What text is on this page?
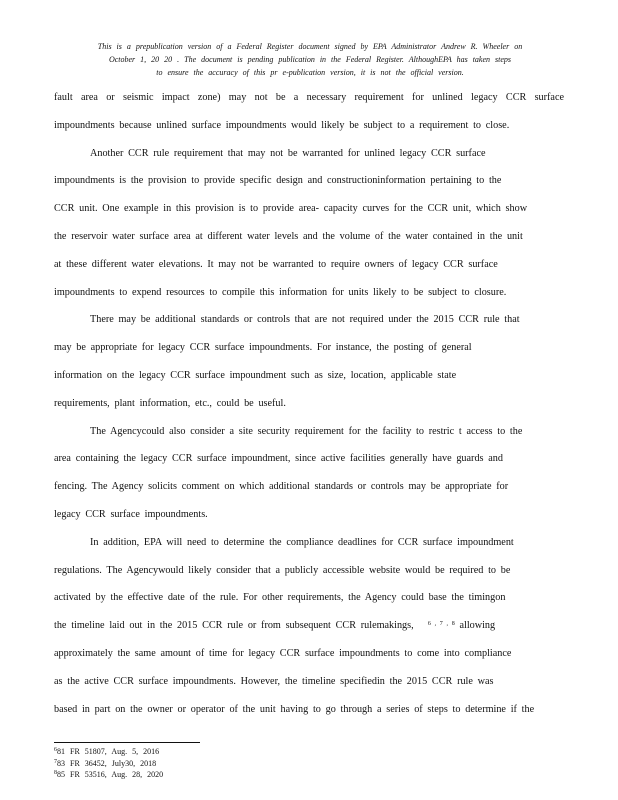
This is a prepublication version of a Federal Register document signed by EPA Administrator Andrew R. Wheeler on
October 1, 20 20 . The document is pending publication in the Federal Register. AlthoughEPA has taken steps
to ensure the accuracy of this pr e-publication version, it is not the official version.
fault area or seismic impact zone) may not be a necessary requirement for unlined legacy CCR surface
impoundments because unlined surface impoundments would likely be subject to a requirement to close.
Another CCR rule requirement that may not be warranted for unlined legacy CCR surface
impoundments is the provision to provide specific design and constructioninformation pertaining to the
CCR unit. One example in this provision is to provide area- capacity curves for the CCR unit, which show
the reservoir water surface area at different water levels and the volume of the water contained in the unit
at these different water elevations. It may not be warranted to require owners of legacy CCR surface
impoundments to expend resources to compile this information for units likely to be subject to closure.
There may be additional standards or controls that are not required under the 2015 CCR rule that
may be appropriate for legacy CCR surface impoundments. For instance, the posting of general
information on the legacy CCR surface impoundment such as size, location, applicable state
requirements, plant information, etc., could be useful.
The Agencycould also consider a site security requirement for the facility to restric t access to the
area containing the legacy CCR surface impoundment, since active facilities generally have guards and
fencing. The Agency solicits comment on which additional standards or controls may be appropriate for
legacy CCR surface impoundments.
In addition, EPA will need to determine the compliance deadlines for CCR surface impoundment
regulations. The Agencywould likely consider that a publicly accessible website would be required to be
activated by the effective date of the rule. For other requirements, the Agency could base the timingon
the timeline laid out in the 2015 CCR rule or from subsequent CCR rulemakings, $^{6 , 7 , 8}$ allowing
approximately the same amount of time for legacy CCR surface impoundments to come into compliance
as the active CCR surface impoundments. However, the timeline specifiedin the 2015 CCR rule was
based in part on the owner or operator of the unit having to go through a series of steps to determine if the
$^6$81 FR 51807, Aug. 5, 2016
$^7$83 FR 36452, July30, 2018
$^8$85 FR 53516, Aug. 28, 2020
